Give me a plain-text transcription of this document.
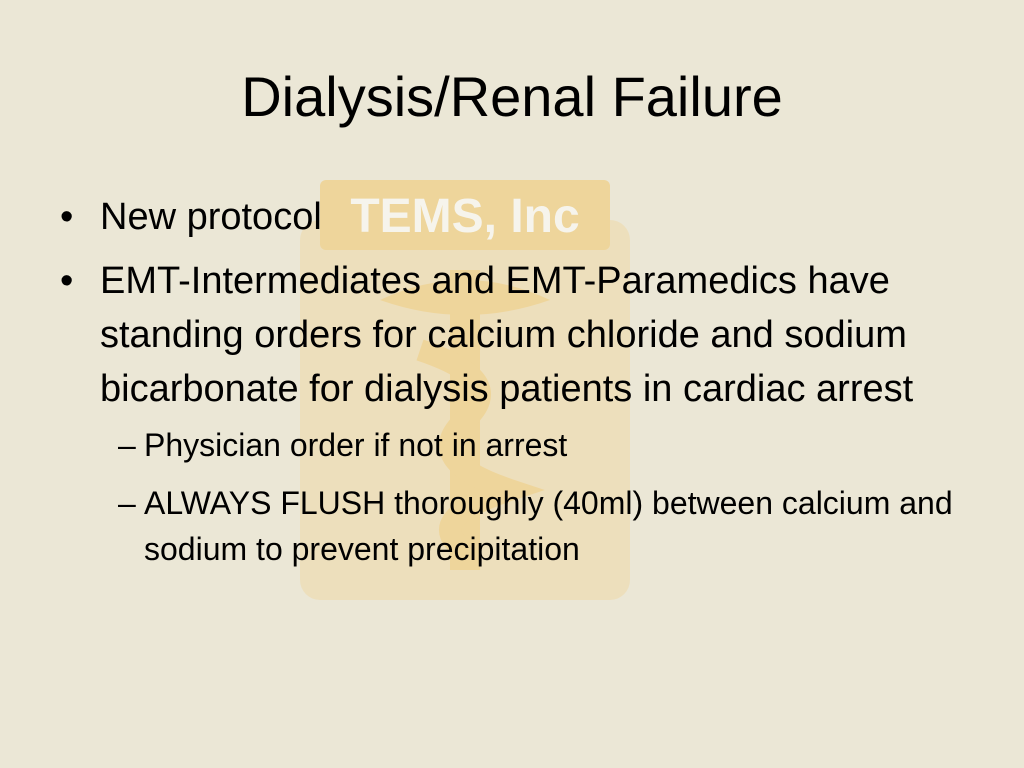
TEMS, Inc
Dialysis/Renal Failure
• New protocol
• EMT-Intermediates and EMT-Paramedics have standing orders for calcium chloride and sodium bicarbonate for dialysis patients in cardiac arrest
– Physician order if not in arrest
– ALWAYS FLUSH thoroughly (40ml) between calcium and sodium to prevent precipitation
